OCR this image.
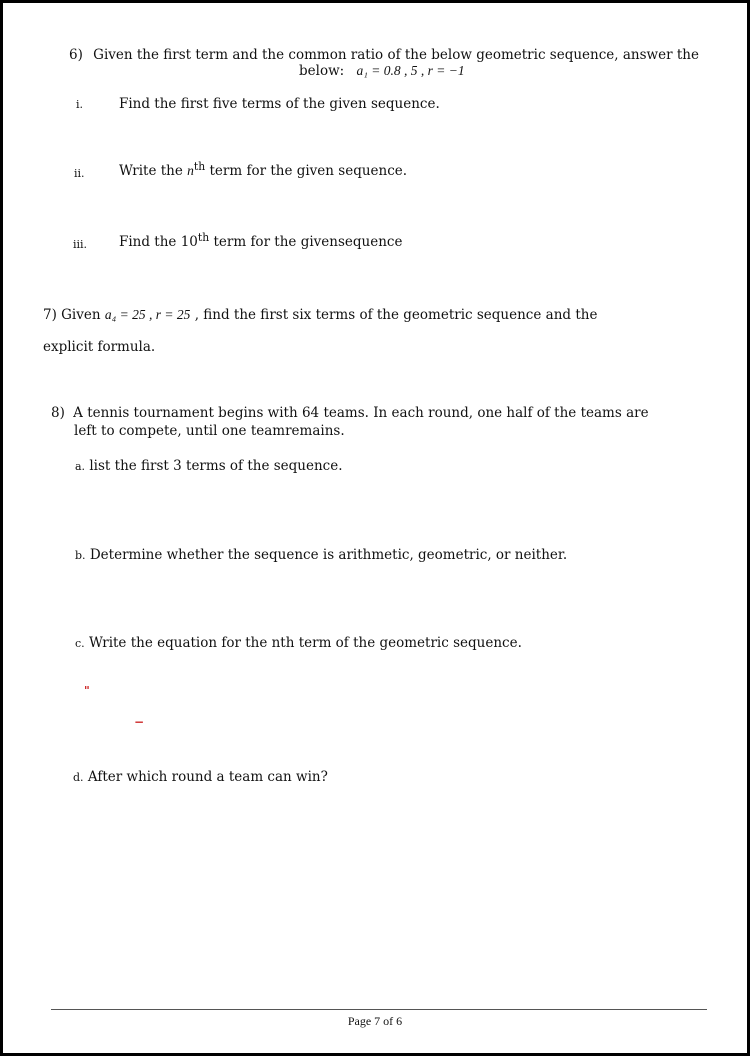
6) Given the first term and the common ratio of the below geometric sequence, answer the
below: a₁ = 0.8 , 5 , r = −1
i.	Find the first five terms of the given sequence.
ii.	Write the $n^{th}$ term for the given sequence.
iii. Find the 10th term for the givensequence
7) Given a₄ = 25 , r = 25 , find the first six terms of the geometric sequence and the
explicit formula.
8) A tennis tournament begins with 64 teams. In each round, one half of the teams are
left to compete, until one teamremains.
a. list the first 3 terms of the sequence.
b. Determine whether the sequence is arithmetic, geometric, or neither.
c. Write the equation for the nth term of the geometric sequence.
"
−
d. After which round a team can win?
Page 7 of 6
